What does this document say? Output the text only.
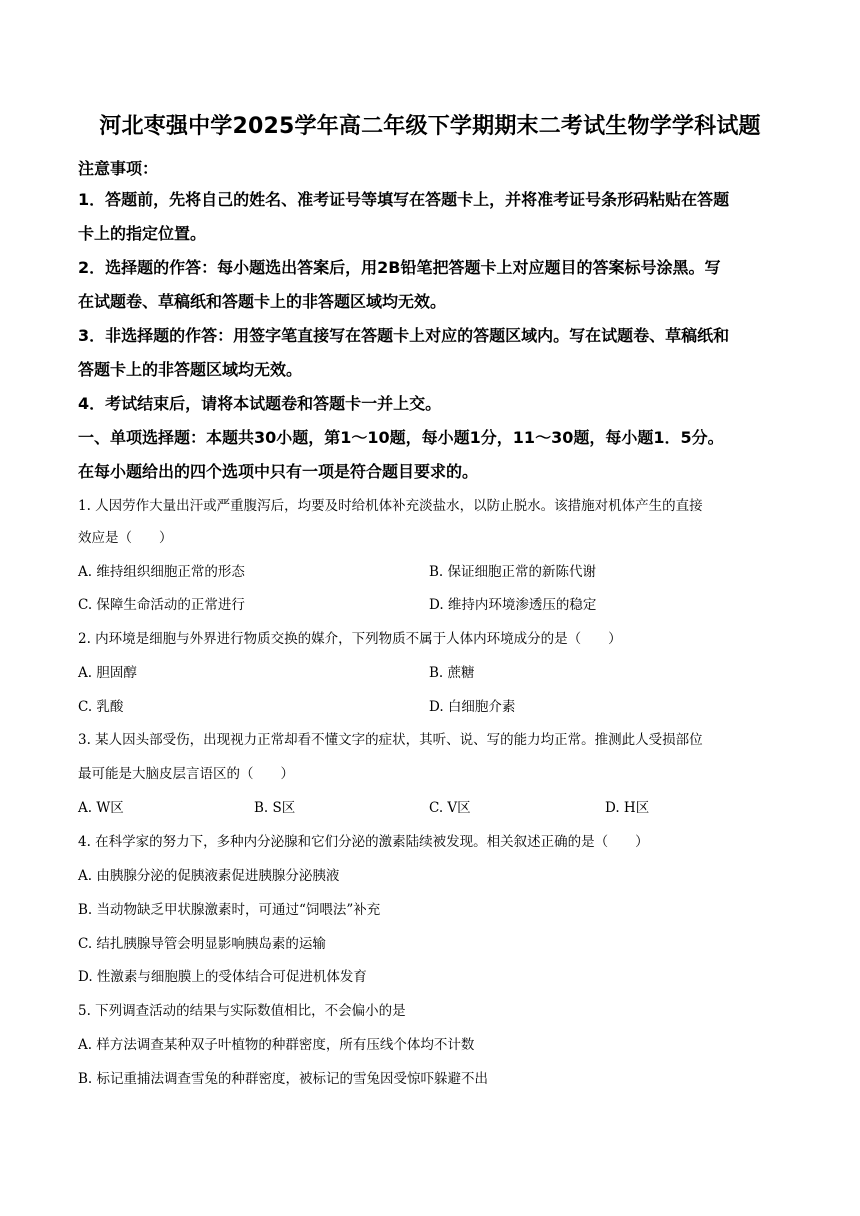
河北枣强中学2025学年高二年级下学期期末二考试生物学学科试题
注意事项：
1．答题前，先将自己的姓名、准考证号等填写在答题卡上，并将准考证号条形码粘贴在答题
卡上的指定位置。
2．选择题的作答：每小题选出答案后，用2B铅笔把答题卡上对应题目的答案标号涂黑。写
在试题卷、草稿纸和答题卡上的非答题区域均无效。
3．非选择题的作答：用签字笔直接写在答题卡上对应的答题区域内。写在试题卷、草稿纸和
答题卡上的非答题区域均无效。
4．考试结束后，请将本试题卷和答题卡一并上交。
一、单项选择题：本题共30小题，第1～10题，每小题1分，11～30题，每小题1．5分。
在每小题给出的四个选项中只有一项是符合题目要求的。
1. 人因劳作大量出汗或严重腹泻后，均要及时给机体补充淡盐水，以防止脱水。该措施对机体产生的直接
效应是（　　）
A. 维持组织细胞正常的形态	B. 保证细胞正常的新陈代谢
C. 保障生命活动的正常进行	D. 维持内环境渗透压的稳定
2. 内环境是细胞与外界进行物质交换的媒介，下列物质不属于人体内环境成分的是（　　）
A. 胆固醇	B. 蔗糖
C. 乳酸	D. 白细胞介素
3. 某人因头部受伤，出现视力正常却看不懂文字的症状，其听、说、写的能力均正常。推测此人受损部位
最可能是大脑皮层言语区的（　　）
A. W区	B. S区	C. V区	D. H区
4. 在科学家的努力下，多种内分泌腺和它们分泌的激素陆续被发现。相关叙述正确的是（　　）
A. 由胰腺分泌的促胰液素促进胰腺分泌胰液
B. 当动物缺乏甲状腺激素时，可通过“饲喂法”补充
C. 结扎胰腺导管会明显影响胰岛素的运输
D. 性激素与细胞膜上的受体结合可促进机体发育
5. 下列调查活动的结果与实际数值相比，不会偏小的是
A. 样方法调查某种双子叶植物的种群密度，所有压线个体均不计数
B. 标记重捕法调查雪兔的种群密度，被标记的雪兔因受惊吓躲避不出
